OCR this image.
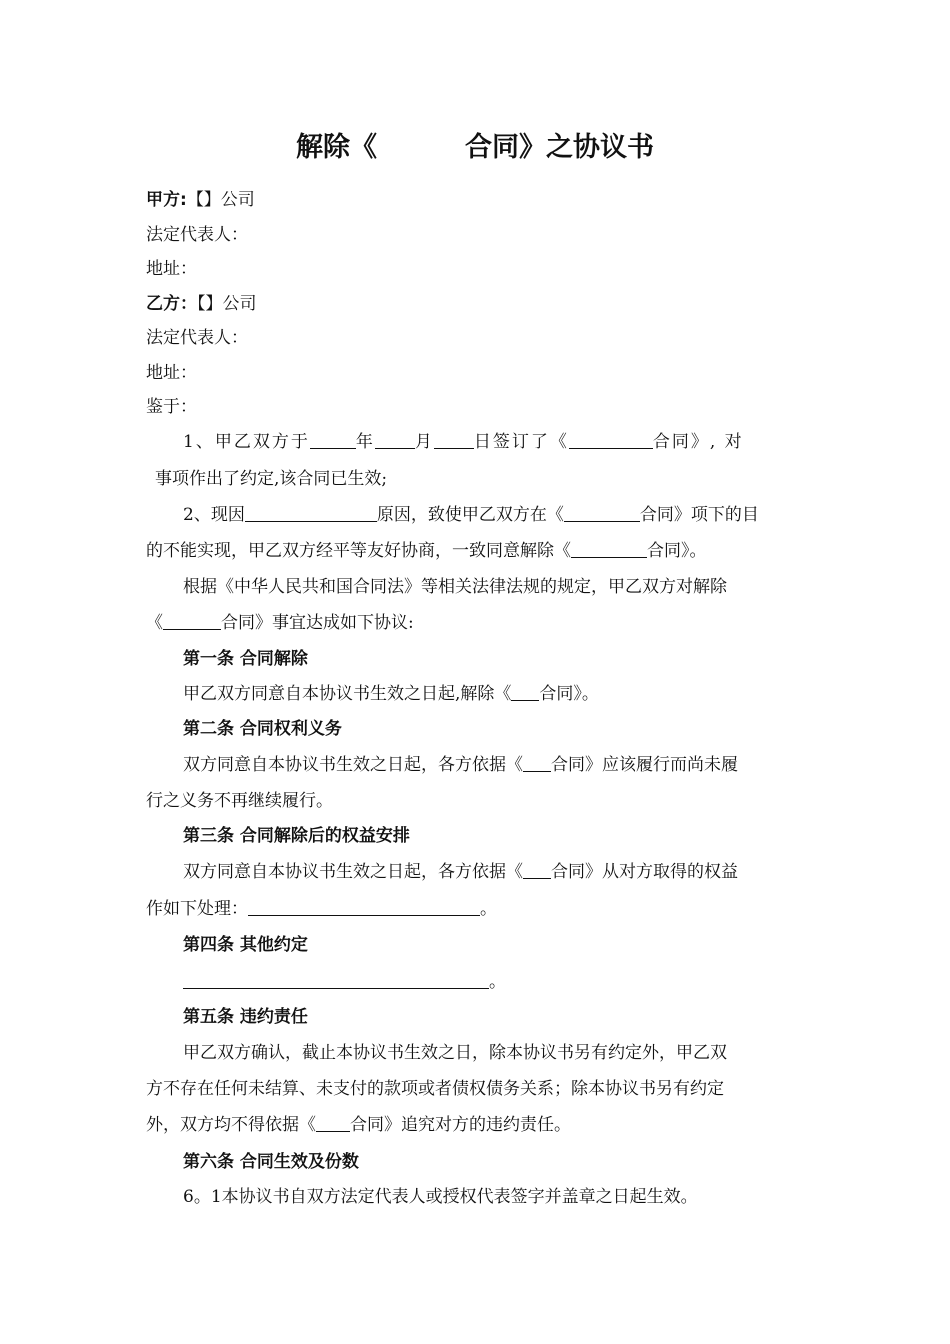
解除《	合同》之协议书
甲方:【】公司
法定代表人：
地址：
乙方：【】公司
法定代表人：
地址：
鉴于：
1、甲乙双方于	年 月 日签订了《	合同》, 对
事项作出了约定,该合同已生效;
2、现因	原因，致使甲乙双方在《	合同》项下的目
的不能实现，甲乙双方经平等友好协商，一致同意解除《	合同》。
根据《中华人民共和国合同法》等相关法律法规的规定，甲乙双方对解除
《	合同》事宜达成如下协议:
第一条 合同解除
甲乙双方同意自本协议书生效之日起,解除《 合同》。
第二条 合同权利义务
双方同意自本协议书生效之日起，各方依据《 合同》应该履行而尚未履
行之义务不再继续履行。
第三条 合同解除后的权益安排
双方同意自本协议书生效之日起，各方依据《 合同》从对方取得的权益
作如下处理：	。
第四条 其他约定
。
第五条 违约责任
甲乙双方确认，截止本协议书生效之日，除本协议书另有约定外，甲乙双
方不存在任何未结算、未支付的款项或者债权债务关系；除本协议书另有约定
外，双方均不得依据《 合同》追究对方的违约责任。
第六条 合同生效及份数
6。1本协议书自双方法定代表人或授权代表签字并盖章之日起生效。
